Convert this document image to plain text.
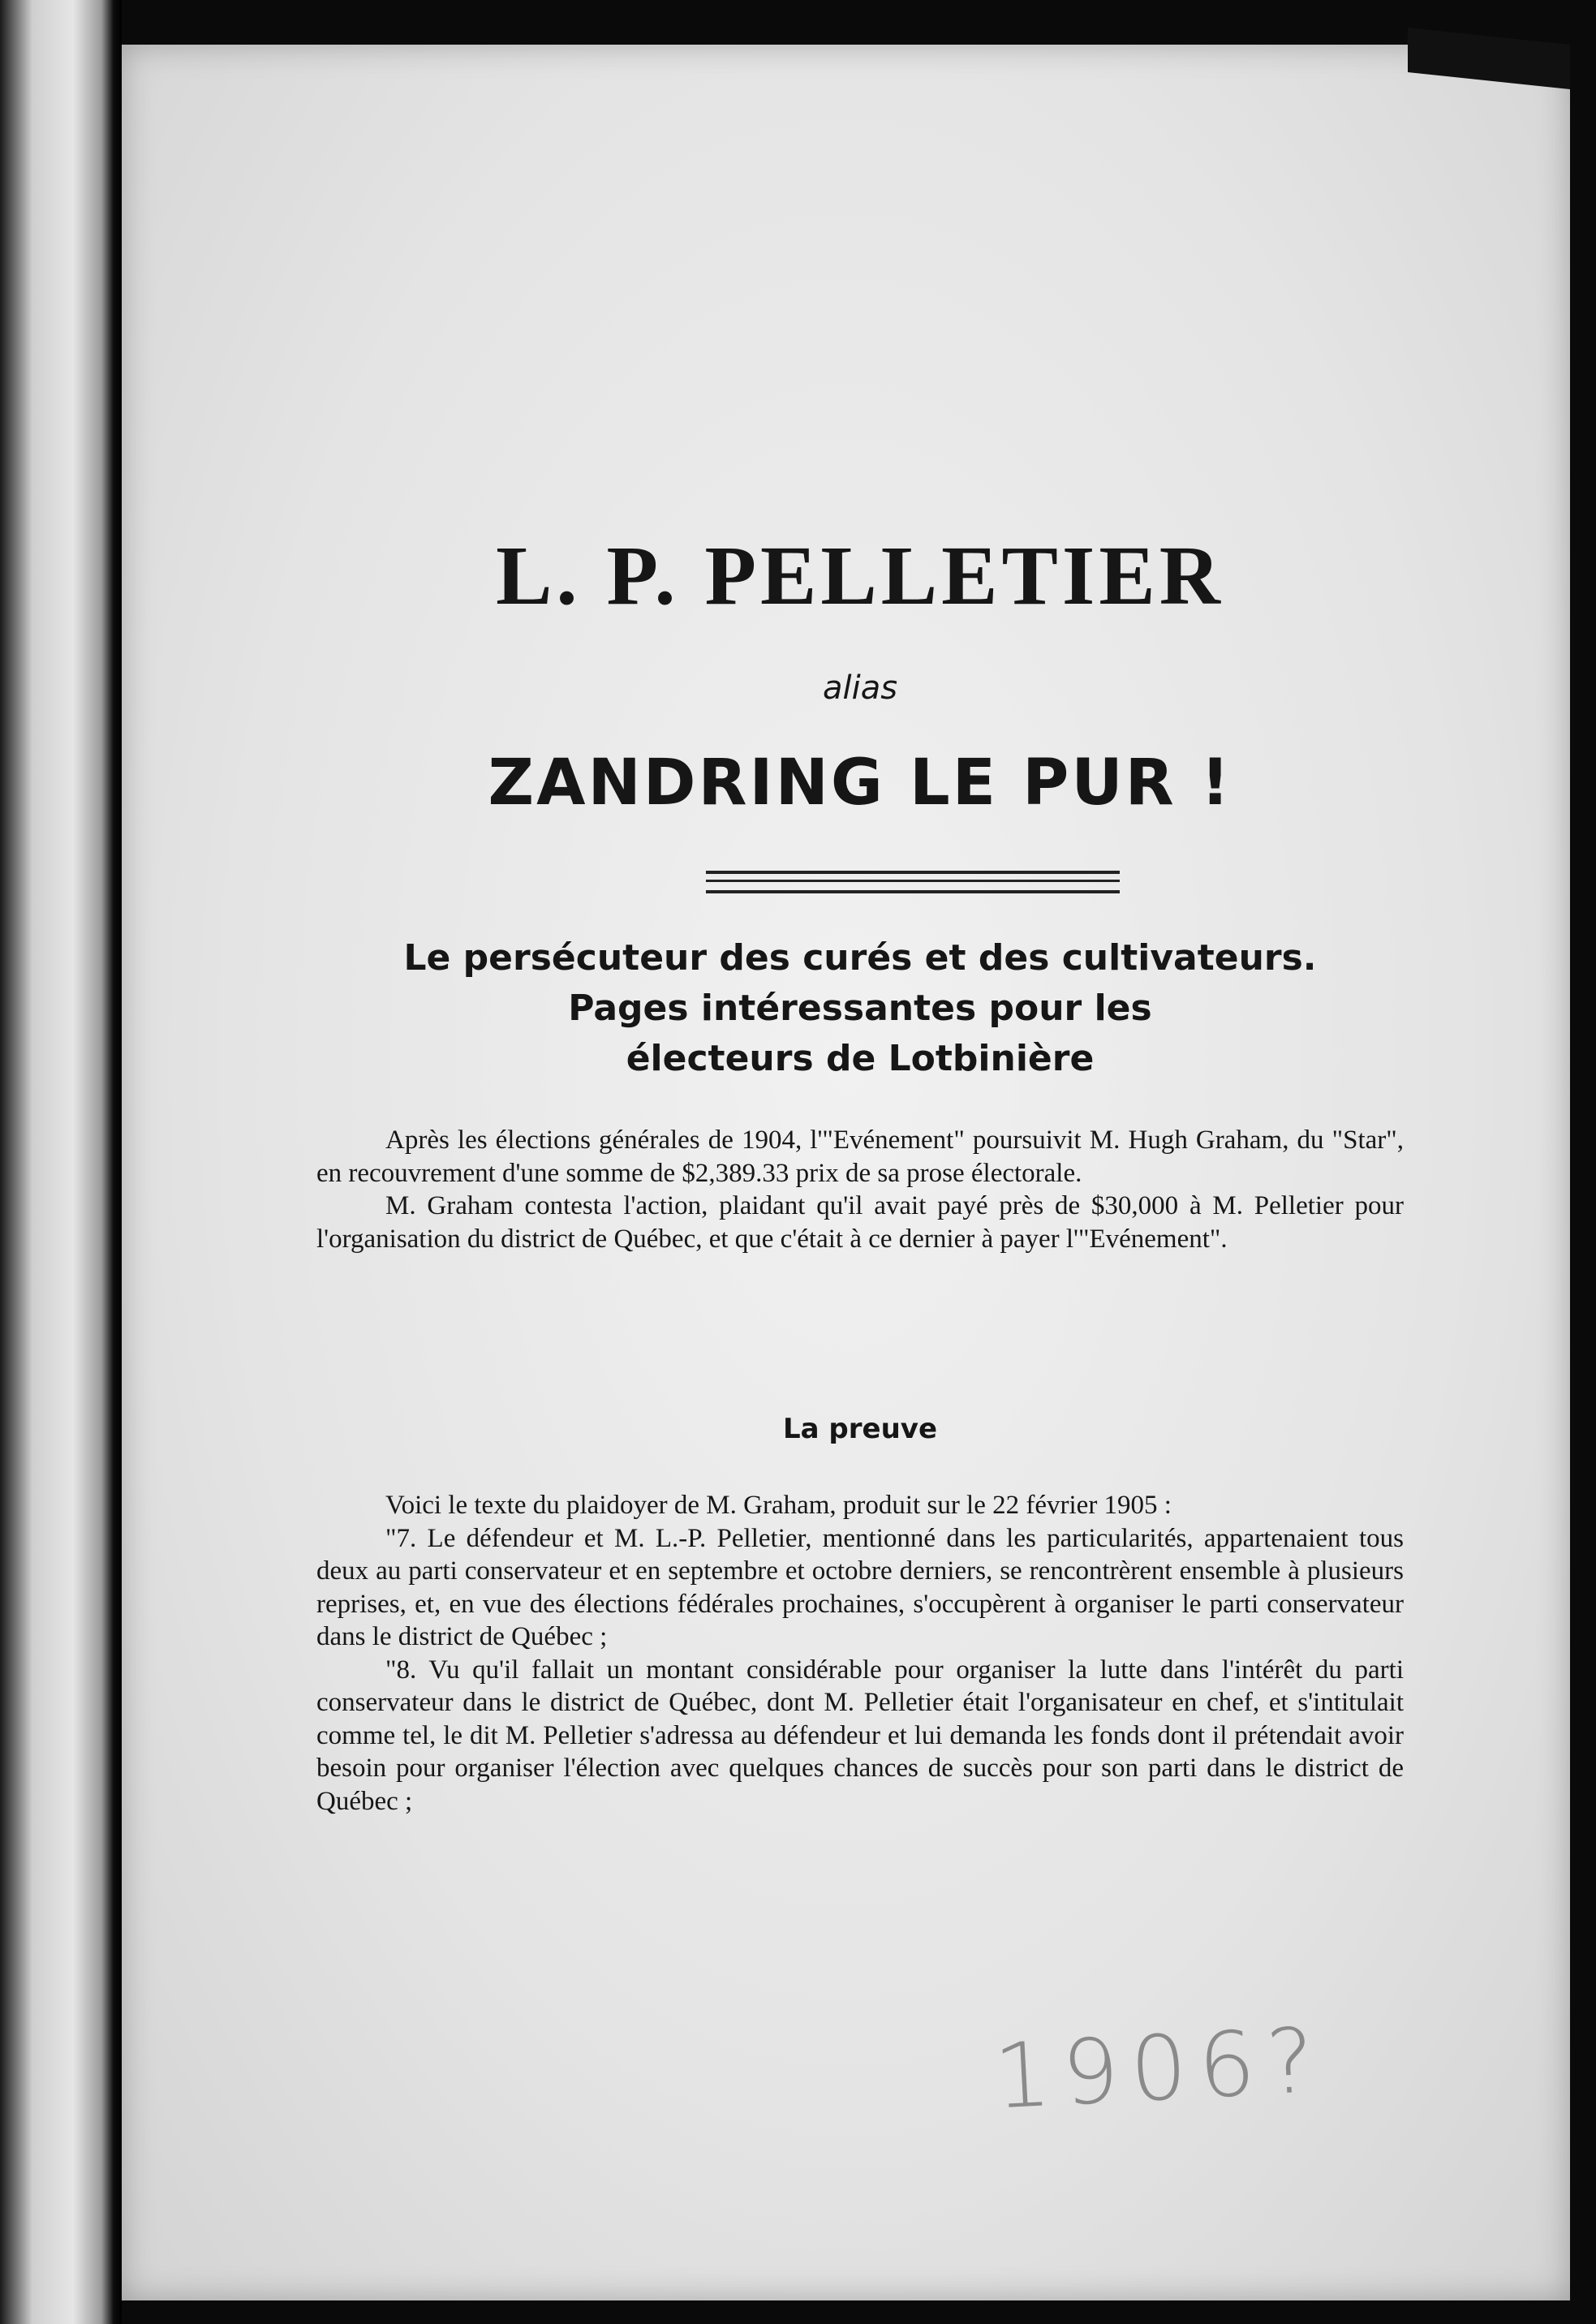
L. P. PELLETIER
alias
ZANDRING LE PUR !
Le persécuteur des curés et des cultivateurs.
Pages intéressantes pour les
électeurs de Lotbinière

Après les élections générales de 1904, l'"Evénement" poursuivit M. Hugh Graham, du "Star", en recouvrement d'une somme de $2,389.33 prix de sa prose électorale.

M. Graham contesta l'action, plaidant qu'il avait payé près de $30,000 à M. Pelletier pour l'organisation du district de Québec, et que c'était à ce dernier à payer l'"Evénement".

La preuve

Voici le texte du plaidoyer de M. Graham, produit sur le 22 février 1905 :

"7. Le défendeur et M. L.-P. Pelletier, mentionné dans les particularités, appartenaient tous deux au parti conservateur et en septembre et octobre derniers, se rencontrèrent ensemble à plusieurs reprises, et, en vue des élections fédérales prochaines, s'occupèrent à organiser le parti conservateur dans le district de Québec ;

"8. Vu qu'il fallait un montant considérable pour organiser la lutte dans l'intérêt du parti conservateur dans le district de Québec, dont M. Pelletier était l'organisateur en chef, et s'intitulait comme tel, le dit M. Pelletier s'adressa au défendeur et lui demanda les fonds dont il prétendait avoir besoin pour organiser l'élection avec quelques chances de succès pour son parti dans le district de Québec ;

1906?
